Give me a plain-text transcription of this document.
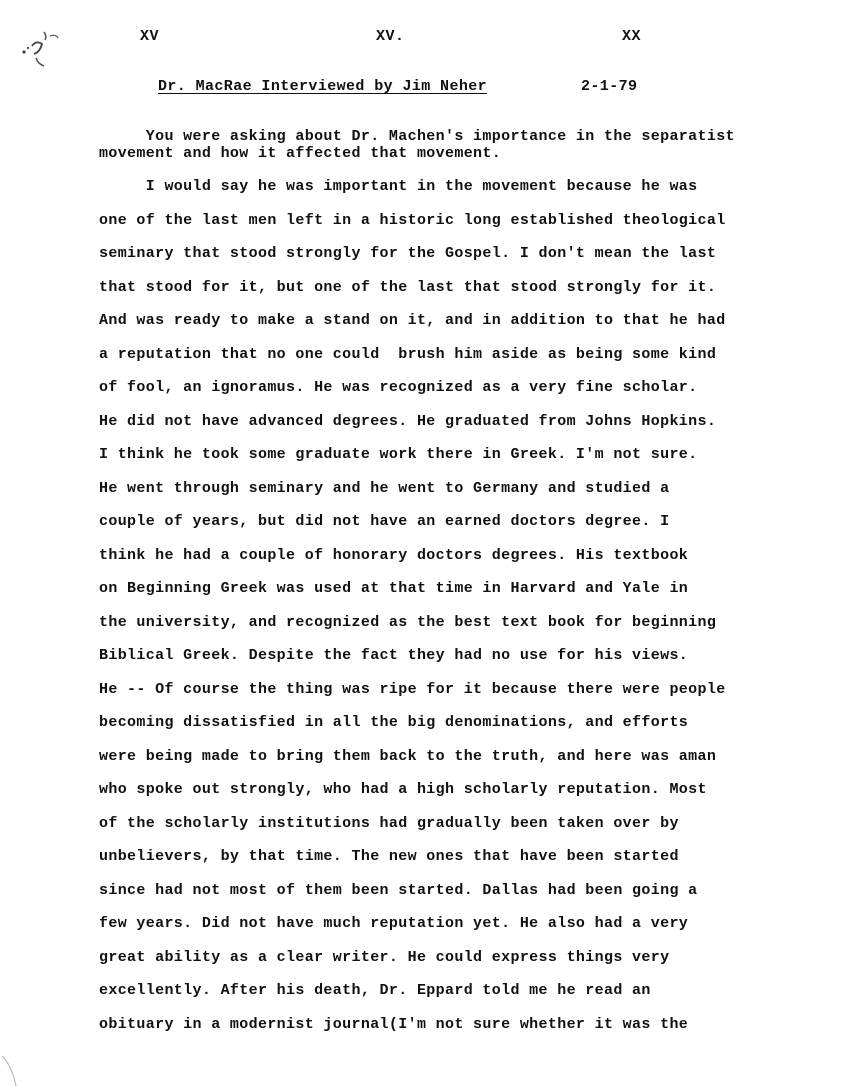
XV	XV.	XX
Dr. MacRae Interviewed by Jim Neher	2-1-79
You were asking about Dr. Machen's importance in the separatist
movement and how it affected that movement.
I would say he was important in the movement because he was
one of the last men left in a historic long established theological
seminary that stood strongly for the Gospel. I don't mean the last
that stood for it, but one of the last that stood strongly for it.
And was ready to make a stand on it, and in addition to that he had
a reputation that no one could  brush him aside as being some kind
of fool, an ignoramus. He was recognized as a very fine scholar.
He did not have advanced degrees. He graduated from Johns Hopkins.
I think he took some graduate work there in Greek. I'm not sure.
He went through seminary and he went to Germany and studied a
couple of years, but did not have an earned doctors degree. I
think he had a couple of honorary doctors degrees. His textbook
on Beginning Greek was used at that time in Harvard and Yale in
the university, and recognized as the best text book for beginning
Biblical Greek. Despite the fact they had no use for his views.
He -- Of course the thing was ripe for it because there were people
becoming dissatisfied in all the big denominations, and efforts
were being made to bring them back to the truth, and here was aman
who spoke out strongly, who had a high scholarly reputation. Most
of the scholarly institutions had gradually been taken over by
unbelievers, by that time. The new ones that have been started
since had not most of them been started. Dallas had been going a
few years. Did not have much reputation yet. He also had a very
great ability as a clear writer. He could express things very
excellently. After his death, Dr. Eppard told me he read an
obituary in a modernist journal(I'm not sure whether it was the
